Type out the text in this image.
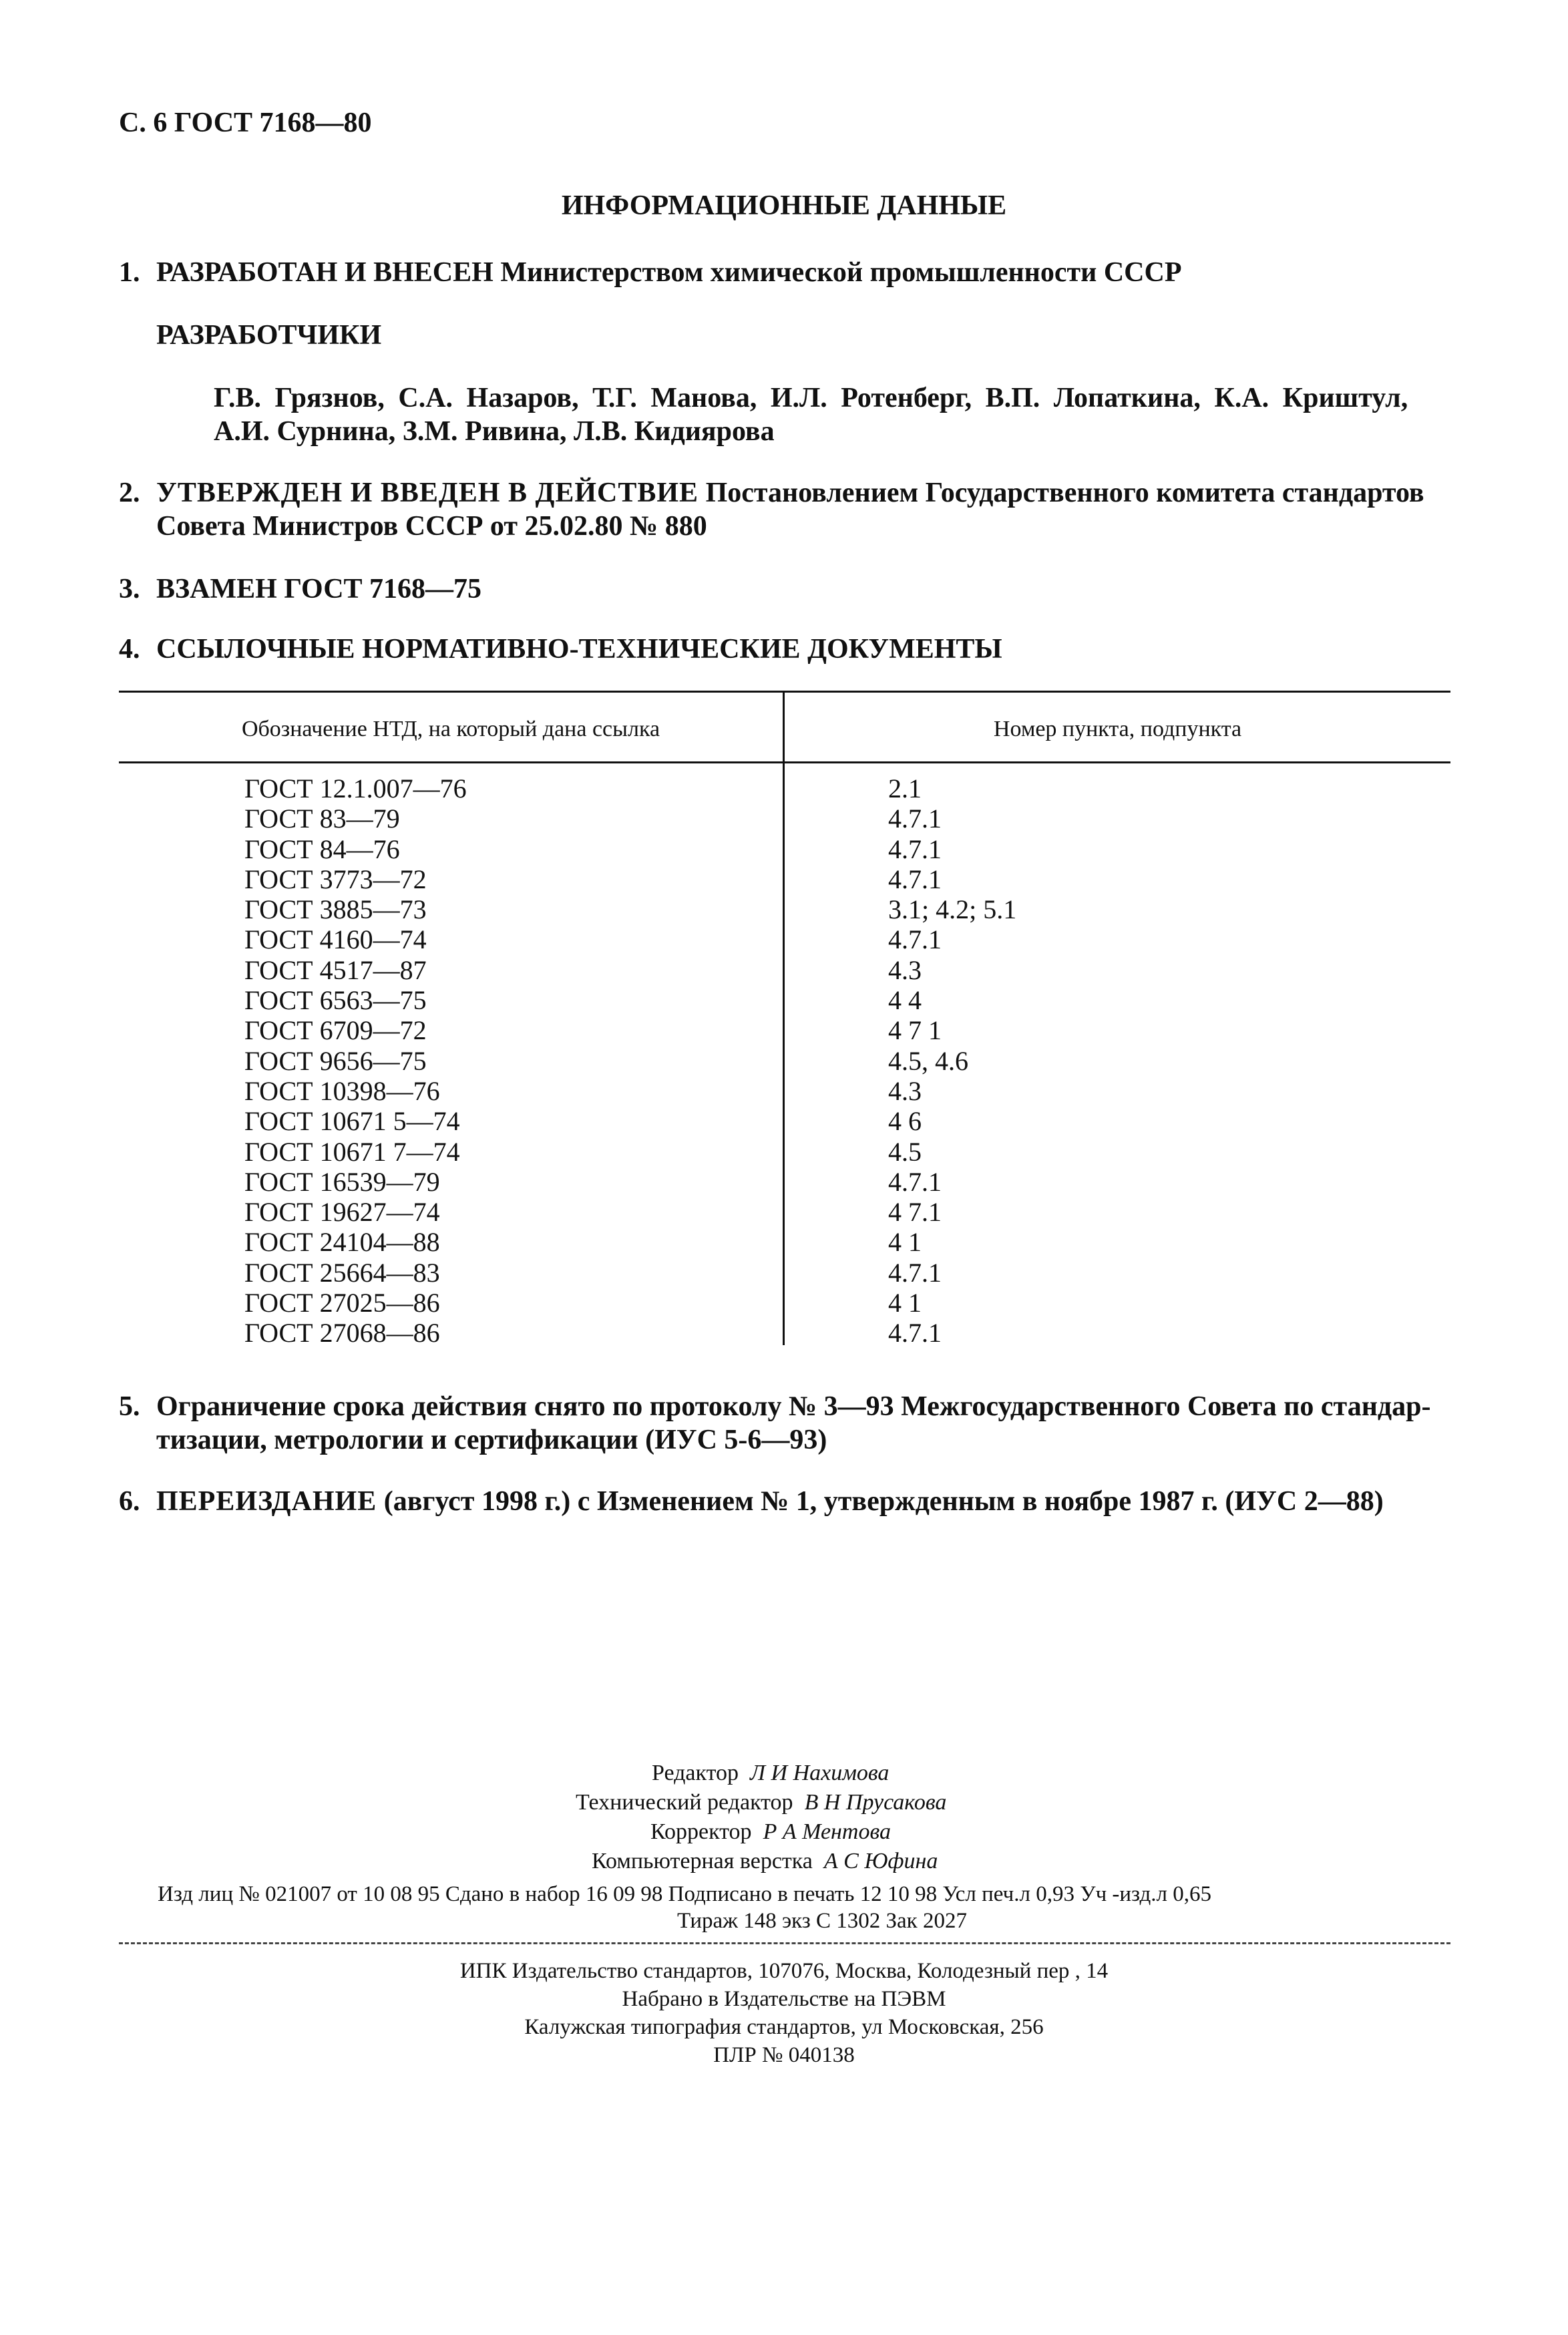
С. 6 ГОСТ 7168—80
ИНФОРМАЦИОННЫЕ ДАННЫЕ
1. РАЗРАБОТАН И ВНЕСЕН Министерством химической промышленности СССР
РАЗРАБОТЧИКИ
Г.В. Грязнов, С.А. Назаров, Т.Г. Манова, И.Л. Ротенберг, В.П. Лопаткина, К.А. Криштул,
А.И. Сурнина, З.М. Ривина, Л.В. Кидиярова
2. УТВЕРЖДЕН И ВВЕДЕН В ДЕЙСТВИЕ Постановлением Государственного комитета стандартов
Совета Министров СССР от 25.02.80 № 880
3. ВЗАМЕН ГОСТ 7168—75
4. ССЫЛОЧНЫЕ НОРМАТИВНО-ТЕХНИЧЕСКИЕ ДОКУМЕНТЫ
Обозначение НТД, на который дана ссылка	Номер пункта, подпункта
ГОСТ 12.1.007—76
ГОСТ 83—79
ГОСТ 84—76
ГОСТ 3773—72
ГОСТ 3885—73
ГОСТ 4160—74
ГОСТ 4517—87
ГОСТ 6563—75
ГОСТ 6709—72
ГОСТ 9656—75
ГОСТ 10398—76
ГОСТ 10671 5—74
ГОСТ 10671 7—74
ГОСТ 16539—79
ГОСТ 19627—74
ГОСТ 24104—88
ГОСТ 25664—83
ГОСТ 27025—86
ГОСТ 27068—86
2.1
4.7.1
4.7.1
4.7.1
3.1; 4.2; 5.1
4.7.1
4.3
4 4
4 7 1
4.5, 4.6
4.3
4 6
4.5
4.7.1
4 7.1
4 1
4.7.1
4 1
4.7.1
5. Ограничение срока действия снято по протоколу № 3—93 Межгосударственного Совета по стандар-
тизации, метрологии и сертификации (ИУС 5-6—93)
6. ПЕРЕИЗДАНИЕ (август 1998 г.) с Изменением № 1, утвержденным в ноябре 1987 г. (ИУС 2—88)
Редактор Л И Нахимова
Технический редактор В Н Прусакова
Корректор Р А Ментова
Компьютерная верстка А С Юфина
Изд лиц № 021007 от 10 08 95 Сдано в набор 16 09 98 Подписано в печать 12 10 98 Усл печ.л 0,93 Уч -изд.л 0,65
Тираж 148 экз С 1302 Зак 2027
ИПК Издательство стандартов, 107076, Москва, Колодезный пер , 14
Набрано в Издательстве на ПЭВМ
Калужская типография стандартов, ул Московская, 256
ПЛР № 040138
